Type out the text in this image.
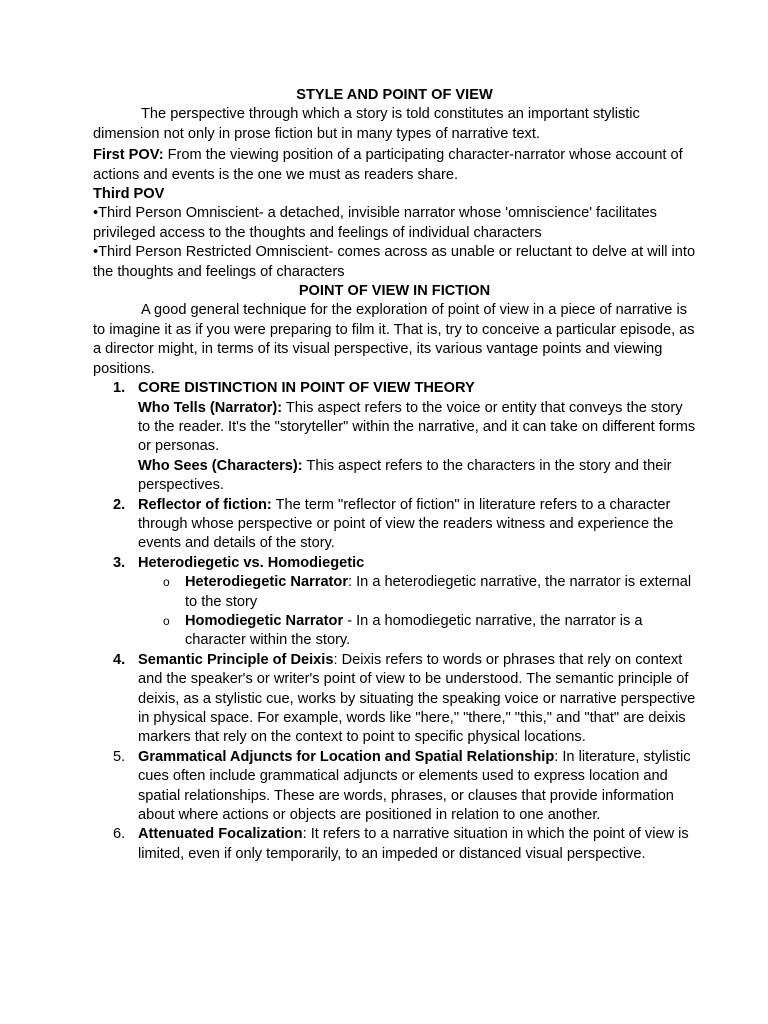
STYLE AND POINT OF VIEW

The perspective through which a story is told constitutes an important stylistic dimension not only in prose fiction but in many types of narrative text.

First POV: From the viewing position of a participating character-narrator whose account of actions and events is the one we must as readers share.

Third POV

•Third Person Omniscient- a detached, invisible narrator whose 'omniscience' facilitates privileged access to the thoughts and feelings of individual characters

•Third Person Restricted Omniscient- comes across as unable or reluctant to delve at will into the thoughts and feelings of characters

POINT OF VIEW IN FICTION

A good general technique for the exploration of point of view in a piece of narrative is to imagine it as if you were preparing to film it. That is, try to conceive a particular episode, as a director might, in terms of its visual perspective, its various vantage points and viewing positions.

1. CORE DISTINCTION IN POINT OF VIEW THEORY
Who Tells (Narrator): This aspect refers to the voice or entity that conveys the story to the reader. It's the "storyteller" within the narrative, and it can take on different forms or personas.
Who Sees (Characters): This aspect refers to the characters in the story and their perspectives.
2. Reflector of fiction: The term "reflector of fiction" in literature refers to a character through whose perspective or point of view the readers witness and experience the events and details of the story.
3. Heterodiegetic vs. Homodiegetic
o Heterodiegetic Narrator: In a heterodiegetic narrative, the narrator is external to the story
o Homodiegetic Narrator - In a homodiegetic narrative, the narrator is a character within the story.
4. Semantic Principle of Deixis: Deixis refers to words or phrases that rely on context and the speaker's or writer's point of view to be understood. The semantic principle of deixis, as a stylistic cue, works by situating the speaking voice or narrative perspective in physical space. For example, words like "here," "there," "this," and "that" are deixis markers that rely on the context to point to specific physical locations.
5. Grammatical Adjuncts for Location and Spatial Relationship: In literature, stylistic cues often include grammatical adjuncts or elements used to express location and spatial relationships. These are words, phrases, or clauses that provide information about where actions or objects are positioned in relation to one another.
6. Attenuated Focalization: It refers to a narrative situation in which the point of view is limited, even if only temporarily, to an impeded or distanced visual perspective.
